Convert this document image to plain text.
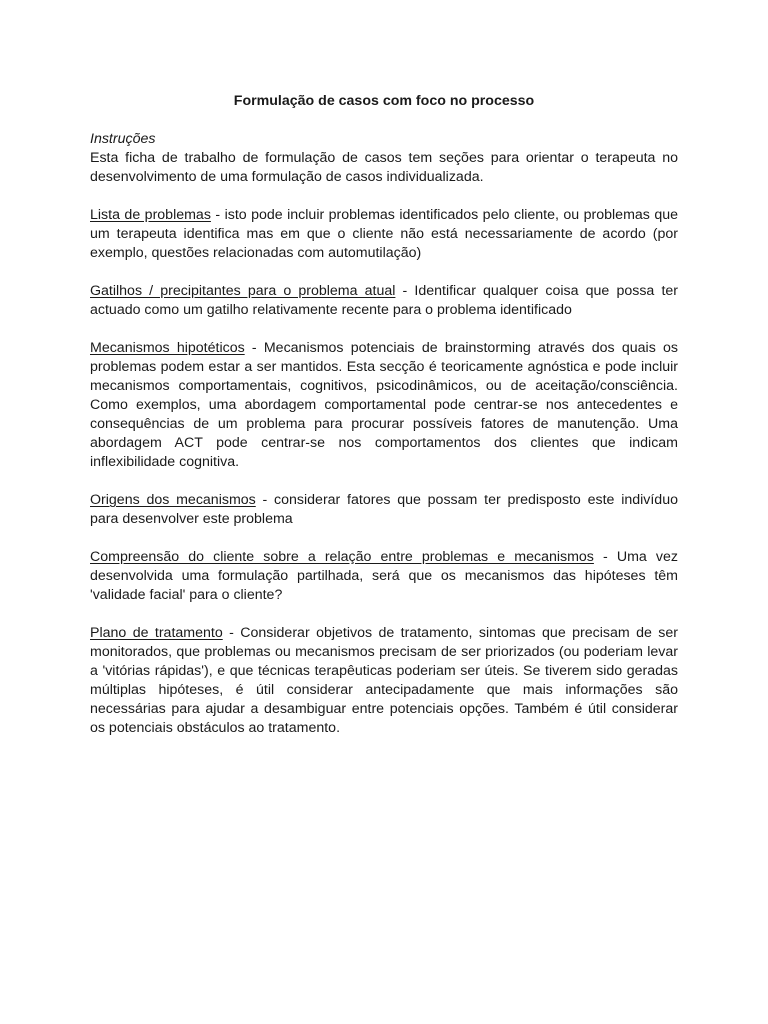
Formulação de casos com foco no processo
Instruções

Esta ficha de trabalho de formulação de casos tem seções para orientar o terapeuta no desenvolvimento de uma formulação de casos individualizada.

Lista de problemas - isto pode incluir problemas identificados pelo cliente, ou problemas que um terapeuta identifica mas em que o cliente não está necessariamente de acordo (por exemplo, questões relacionadas com automutilação)

Gatilhos / precipitantes para o problema atual - Identificar qualquer coisa que possa ter actuado como um gatilho relativamente recente para o problema identificado

Mecanismos hipotéticos - Mecanismos potenciais de brainstorming através dos quais os problemas podem estar a ser mantidos. Esta secção é teoricamente agnóstica e pode incluir mecanismos comportamentais, cognitivos, psicodinâmicos, ou de aceitação/consciência. Como exemplos, uma abordagem comportamental pode centrar-se nos antecedentes e consequências de um problema para procurar possíveis fatores de manutenção. Uma abordagem ACT pode centrar-se nos comportamentos dos clientes que indicam inflexibilidade cognitiva.

Origens dos mecanismos - considerar fatores que possam ter predisposto este indivíduo para desenvolver este problema

Compreensão do cliente sobre a relação entre problemas e mecanismos - Uma vez desenvolvida uma formulação partilhada, será que os mecanismos das hipóteses têm 'validade facial' para o cliente?

Plano de tratamento - Considerar objetivos de tratamento, sintomas que precisam de ser monitorados, que problemas ou mecanismos precisam de ser priorizados (ou poderiam levar a 'vitórias rápidas'), e que técnicas terapêuticas poderiam ser úteis. Se tiverem sido geradas múltiplas hipóteses, é útil considerar antecipadamente que mais informações são necessárias para ajudar a desambiguar entre potenciais opções. Também é útil considerar os potenciais obstáculos ao tratamento.
